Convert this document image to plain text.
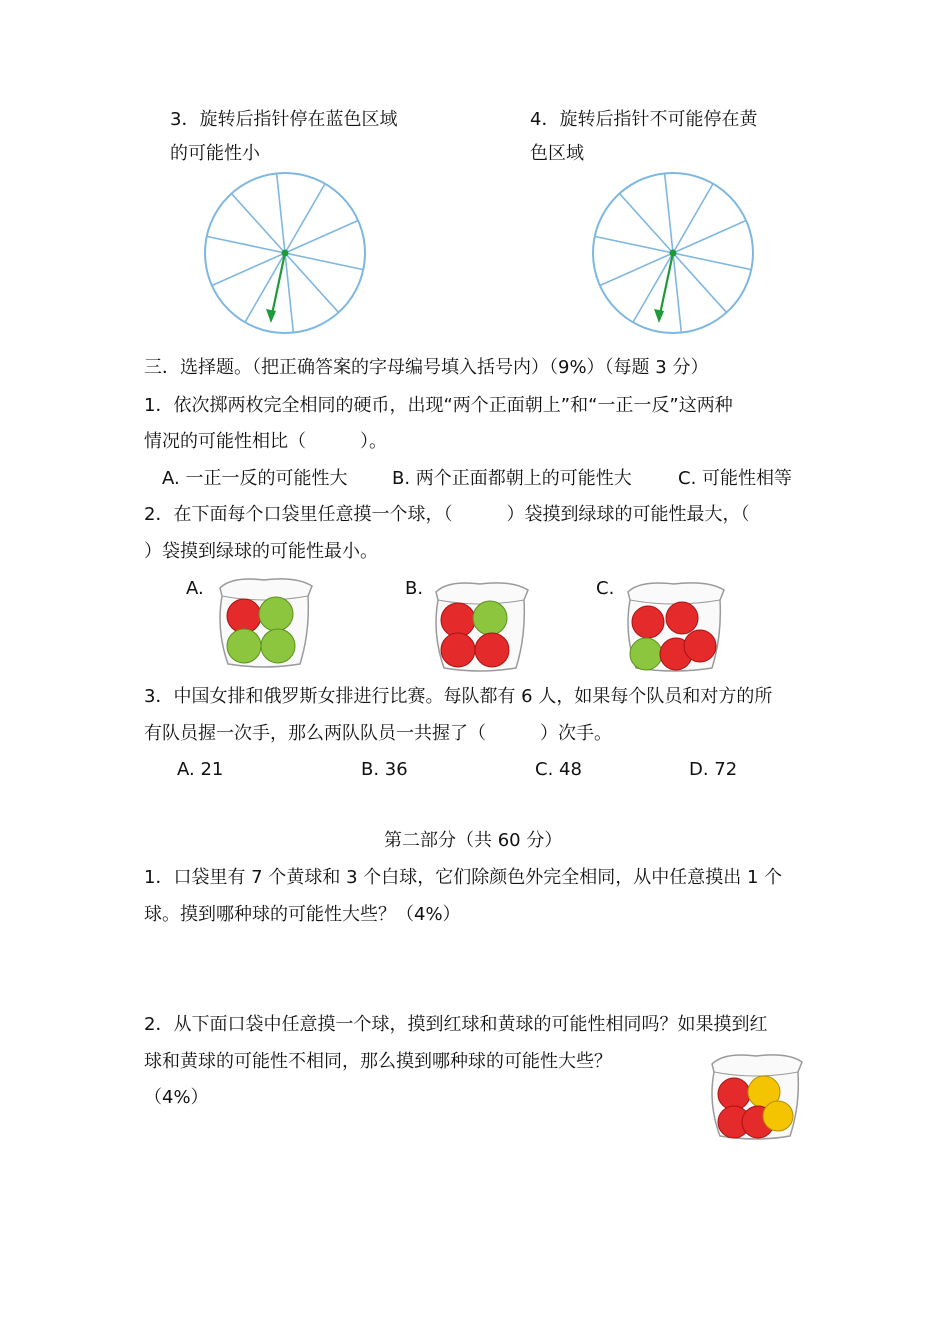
3．旋转后指针停在蓝色区域
的可能性小
4．旋转后指针不可能停在黄
色区域
三．选择题。（把正确答案的字母编号填入括号内）（9%）（每题 3 分）
1．依次掷两枚完全相同的硬币，出现“两个正面朝上”和“一正一反”这两种
情况的可能性相比（　　　）。
A. 一正一反的可能性大 B. 两个正面都朝上的可能性大	C. 可能性相等
2．在下面每个口袋里任意摸一个球，（　　　）袋摸到绿球的可能性最大，（
）袋摸到绿球的可能性最小。
A.	B.	C.
3．中国女排和俄罗斯女排进行比赛。每队都有 6 人，如果每个队员和对方的所
有队员握一次手，那么两队队员一共握了（　　　）次手。
A. 21	B. 36	C. 48	D. 72
第二部分（共 60 分）
1．口袋里有 7 个黄球和 3 个白球，它们除颜色外完全相同，从中任意摸出 1 个
球。摸到哪种球的可能性大些？（4%）
2．从下面口袋中任意摸一个球，摸到红球和黄球的可能性相同吗？如果摸到红
球和黄球的可能性不相同，那么摸到哪种球的可能性大些？
（4%）
